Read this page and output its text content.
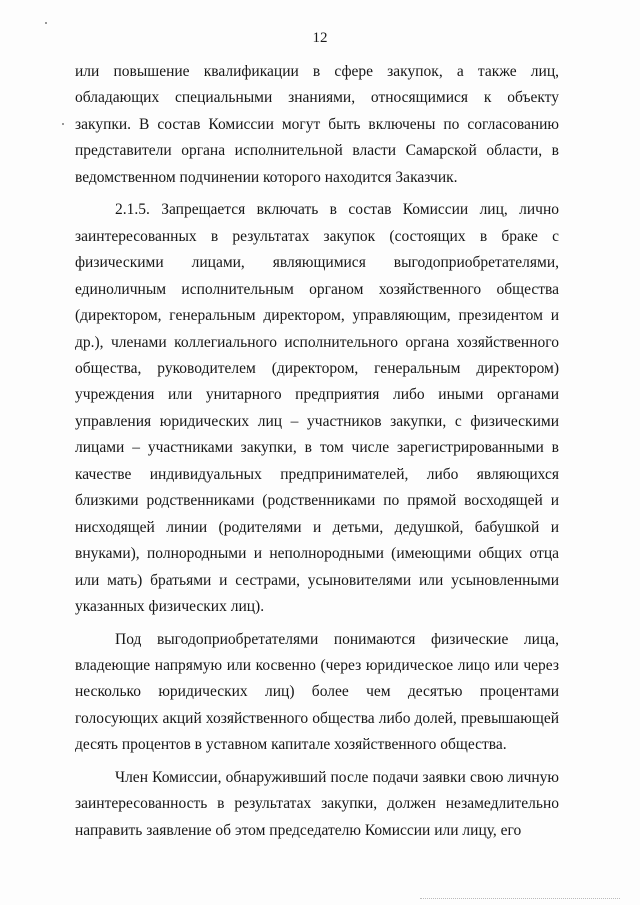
12

или повышение квалификации в сфере закупок, а также лиц, обладающих специальными знаниями, относящимися к объекту закупки. В состав Комиссии могут быть включены по согласованию представители органа исполнительной власти Самарской области, в ведомственном подчинении которого находится Заказчик.

2.1.5. Запрещается включать в состав Комиссии лиц, лично заинтересованных в результатах закупок (состоящих в браке с физическими лицами, являющимися выгодоприобретателями, единоличным исполнительным органом хозяйственного общества (директором, генеральным директором, управляющим, президентом и др.), членами коллегиального исполнительного органа хозяйственного общества, руководителем (директором, генеральным директором) учреждения или унитарного предприятия либо иными органами управления юридических лиц – участников закупки, с физическими лицами – участниками закупки, в том числе зарегистрированными в качестве индивидуальных предпринимателей, либо являющихся близкими родственниками (родственниками по прямой восходящей и нисходящей линии (родителями и детьми, дедушкой, бабушкой и внуками), полнородными и неполнородными (имеющими общих отца или мать) братьями и сестрами, усыновителями или усыновленными указанных физических лиц).

Под выгодоприобретателями понимаются физические лица, владеющие напрямую или косвенно (через юридическое лицо или через несколько юридических лиц) более чем десятью процентами голосующих акций хозяйственного общества либо долей, превышающей десять процентов в уставном капитале хозяйственного общества.

Член Комиссии, обнаруживший после подачи заявки свою личную заинтересованность в результатах закупки, должен незамедлительно направить заявление об этом председателю Комиссии или лицу, его
